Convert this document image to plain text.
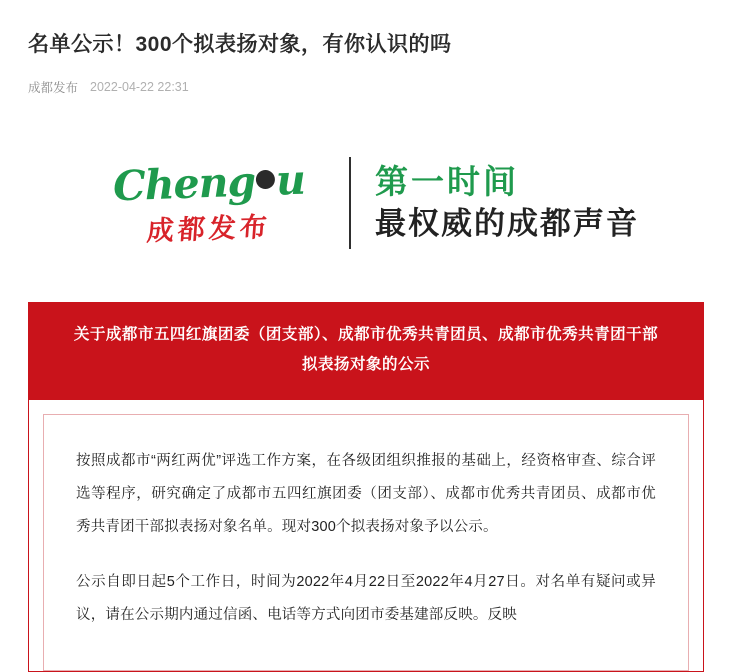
名单公示！300个拟表扬对象，有你认识的吗
成都发布 2022-04-22 22:31
Cheng u
成都发布
第一时间
最权威的成都声音
关于成都市五四红旗团委（团支部）、成都市优秀共青团员、成都市优秀共青团干部拟表扬对象的公示

按照成都市“两红两优”评选工作方案，在各级团组织推报的基础上，经资格审查、综合评选等程序，研究确定了成都市五四红旗团委（团支部）、成都市优秀共青团员、成都市优秀共青团干部拟表扬对象名单。现对300个拟表扬对象予以公示。

公示自即日起5个工作日，时间为2022年4月22日至2022年4月27日。对名单有疑问或异议，请在公示期内通过信函、电话等方式向团市委基建部反映。反映
